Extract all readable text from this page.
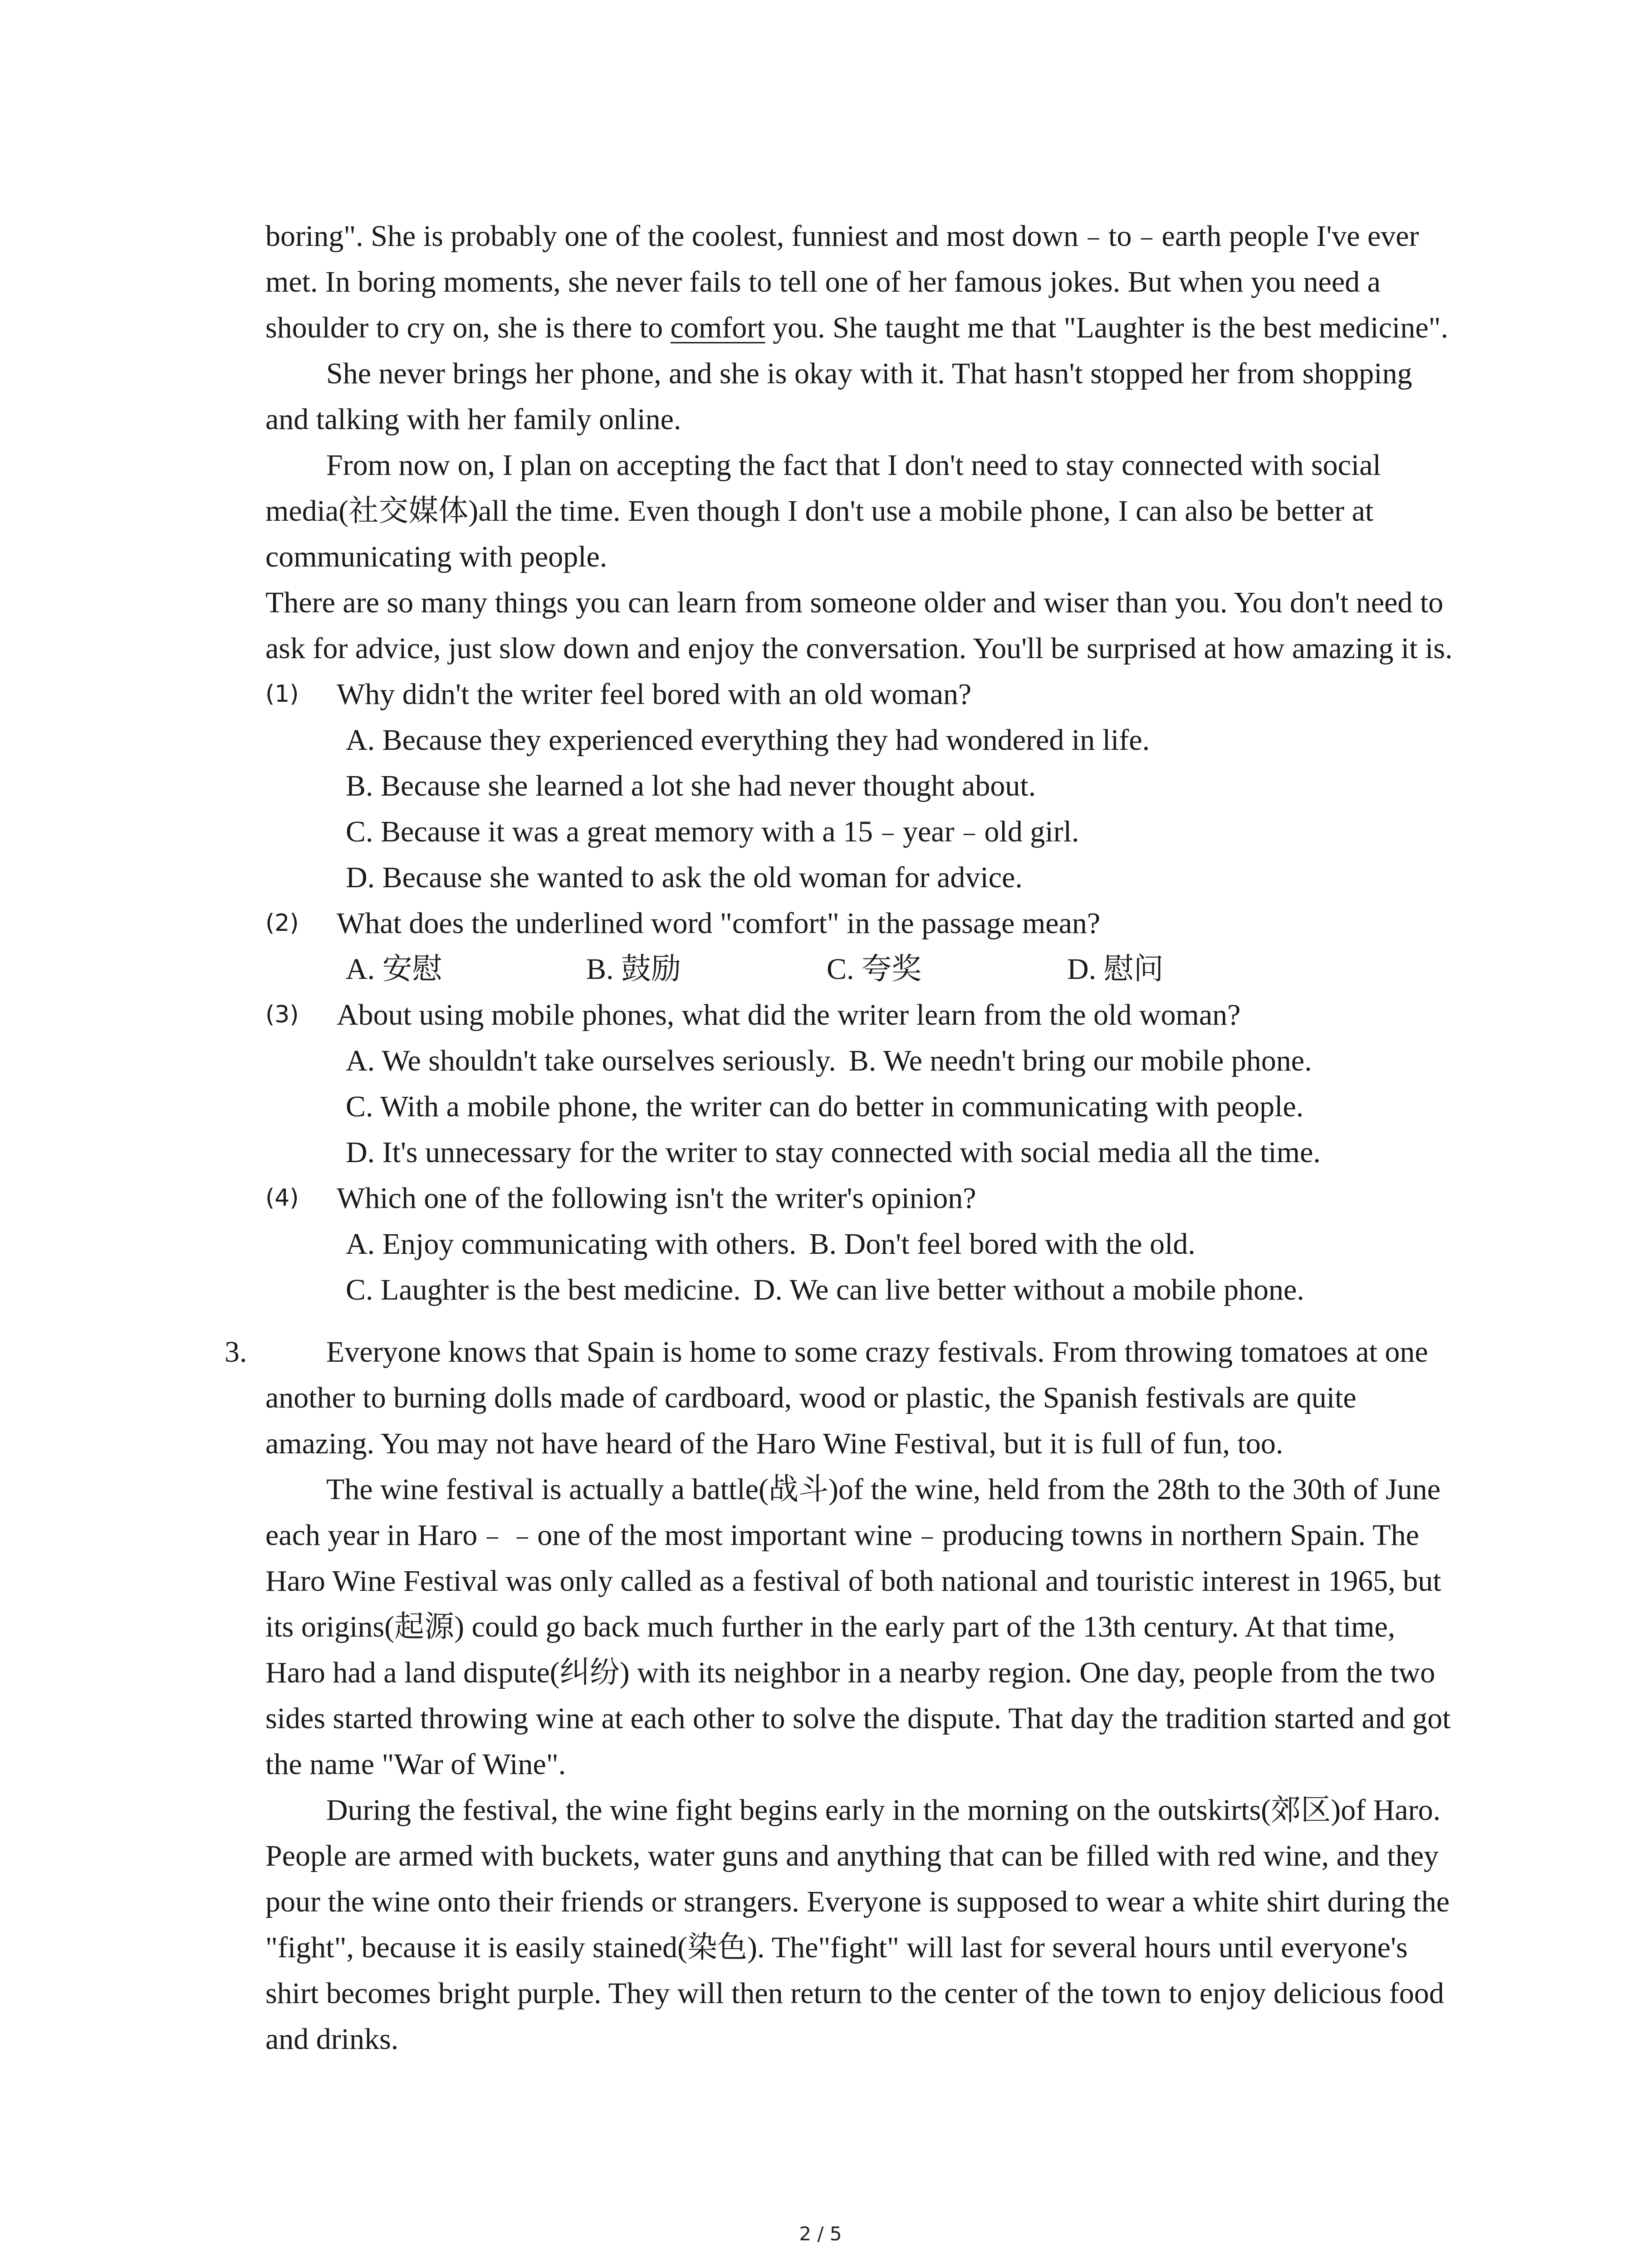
boring". She is probably one of the coolest, funniest and most down﹣to﹣earth people I've ever met. In boring moments, she never fails to tell one of her famous jokes. But when you need a shoulder to cry on, she is there to comfort you. She taught me that "Laughter is the best medicine".

She never brings her phone, and she is okay with it. That hasn't stopped her from shopping and talking with her family online.

From now on, I plan on accepting the fact that I don't need to stay connected with social media(社交媒体)all the time. Even though I don't use a mobile phone, I can also be better at communicating with people.

There are so many things you can learn from someone older and wiser than you. You don't need to ask for advice, just slow down and enjoy the conversation. You'll be surprised at how amazing it is.

(1) Why didn't the writer feel bored with an old woman?

A. Because they experienced everything they had wondered in life.

B. Because she learned a lot she had never thought about.

C. Because it was a great memory with a 15﹣year﹣old girl.

D. Because she wanted to ask the old woman for advice.

(2) What does the underlined word "comfort" in the passage mean?
A. 安慰	B. 鼓励	C. 夸奖	D. 慰问
(3) About using mobile phones, what did the writer learn from the old woman?
A. We shouldn't take ourselves seriously. B. We needn't bring our mobile phone.

C. With a mobile phone, the writer can do better in communicating with people.

D. It's unnecessary for the writer to stay connected with social media all the time.

(4) Which one of the following isn't the writer's opinion?
A. Enjoy communicating with others. B. Don't feel bored with the old.
C. Laughter is the best medicine. D. We can live better without a mobile phone.
3.	Everyone knows that Spain is home to some crazy festivals. From throwing tomatoes at one another to burning dolls made of cardboard, wood or plastic, the Spanish festivals are quite amazing. You may not have heard of the Haro Wine Festival, but it is full of fun, too.

The wine festival is actually a battle(战斗)of the wine, held from the 28th to the 30th of June each year in Haro﹣﹣one of the most important wine﹣producing towns in northern Spain. The Haro Wine Festival was only called as a festival of both national and touristic interest in 1965, but its origins(起源) could go back much further in the early part of the 13th century. At that time, Haro had a land dispute(纠纷) with its neighbor in a nearby region. One day, people from the two sides started throwing wine at each other to solve the dispute. That day the tradition started and got the name "War of Wine".

During the festival, the wine fight begins early in the morning on the outskirts(郊区)of Haro. People are armed with buckets, water guns and anything that can be filled with red wine, and they pour the wine onto their friends or strangers. Everyone is supposed to wear a white shirt during the "fight", because it is easily stained(染色). The"fight" will last for several hours until everyone's shirt becomes bright purple. They will then return to the center of the town to enjoy delicious food and drinks.

2 / 5
